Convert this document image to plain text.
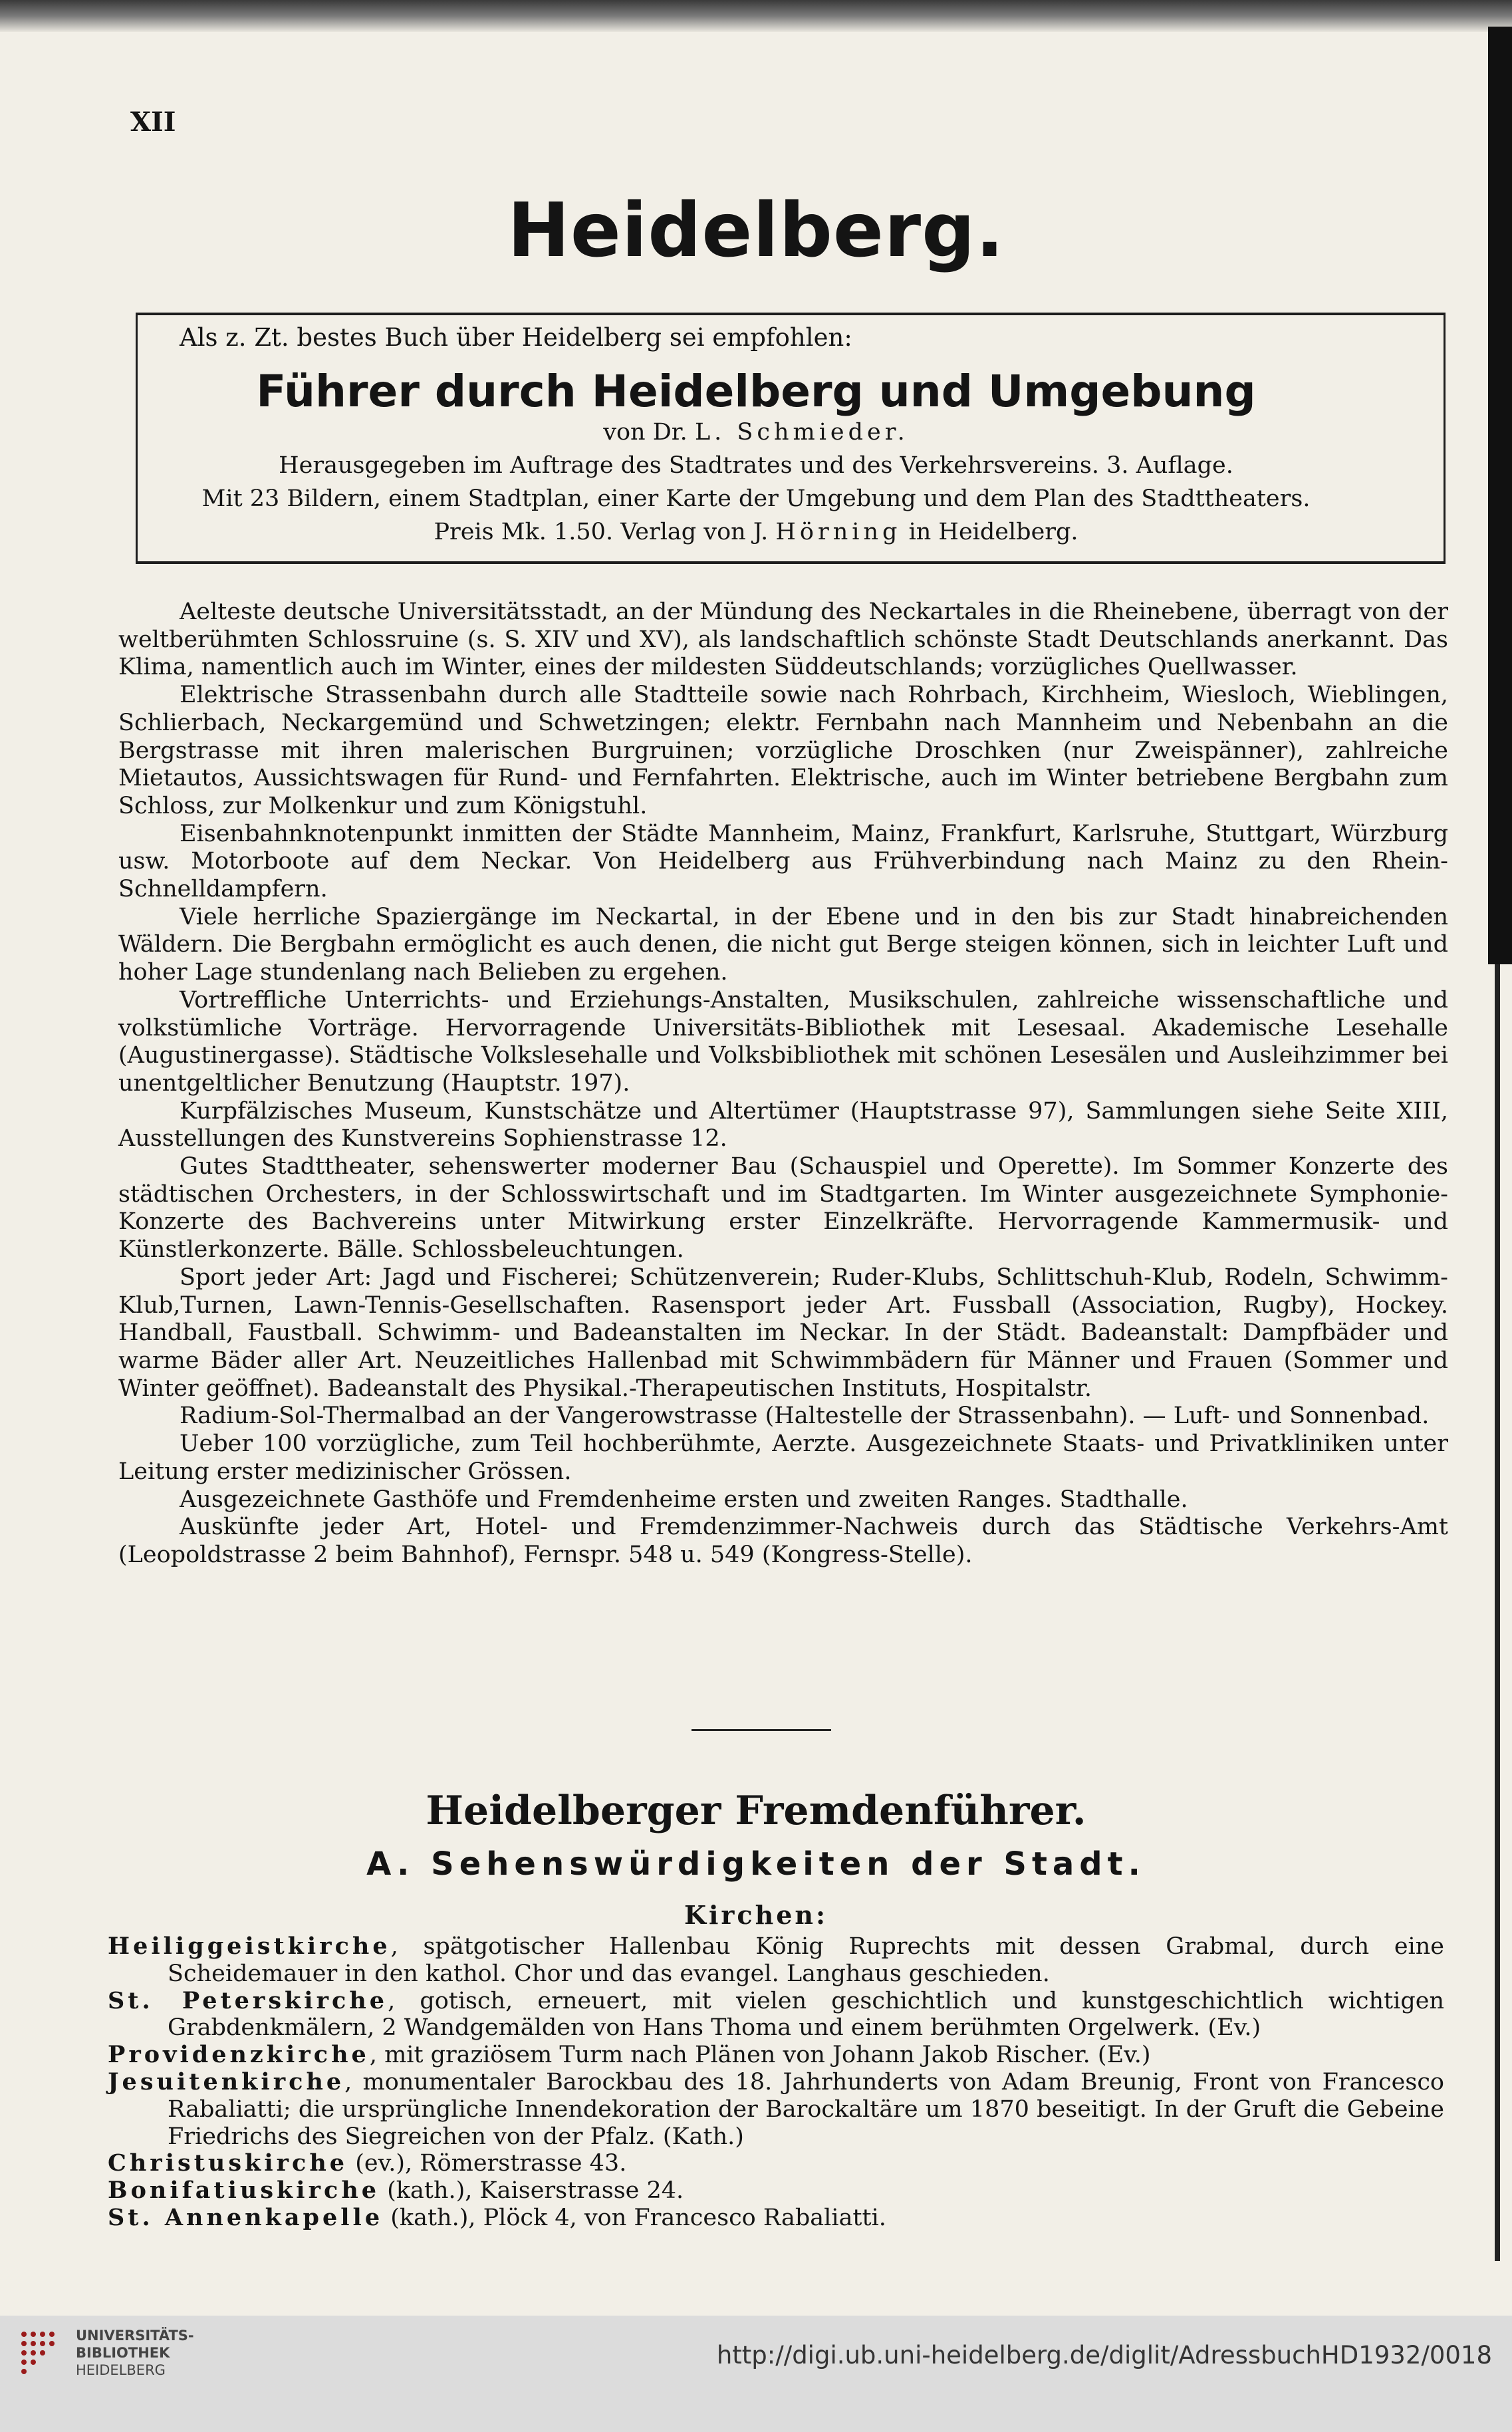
XII
Heidelberg.
Als z. Zt. bestes Buch über Heidelberg sei empfohlen:
Führer durch Heidelberg und Umgebung
von Dr. L. Schmieder.
Herausgegeben im Auftrage des Stadtrates und des Verkehrsvereins. 3. Auflage.
Mit 23 Bildern, einem Stadtplan, einer Karte der Umgebung und dem Plan des Stadttheaters.
Preis Mk. 1.50. Verlag von J. Hörning in Heidelberg.

Aelteste deutsche Universitätsstadt, an der Mündung des Neckartales in die Rheinebene, überragt von der weltberühmten Schlossruine (s. S. XIV und XV), als landschaftlich schönste Stadt Deutschlands anerkannt. Das Klima, namentlich auch im Winter, eines der mildesten Süddeutschlands; vorzügliches Quellwasser.

Elektrische Strassenbahn durch alle Stadtteile sowie nach Rohrbach, Kirchheim, Wiesloch, Wieblingen, Schlierbach, Neckargemünd und Schwetzingen; elektr. Fernbahn nach Mannheim und Nebenbahn an die Bergstrasse mit ihren malerischen Burgruinen; vorzügliche Droschken (nur Zweispänner), zahlreiche Mietautos, Aussichtswagen für Rund- und Fernfahrten. Elektrische, auch im Winter betriebene Bergbahn zum Schloss, zur Molkenkur und zum Königstuhl.

Eisenbahnknotenpunkt inmitten der Städte Mannheim, Mainz, Frankfurt, Karlsruhe, Stuttgart, Würzburg usw. Motorboote auf dem Neckar. Von Heidelberg aus Frühverbindung nach Mainz zu den Rhein-Schnelldampfern.

Viele herrliche Spaziergänge im Neckartal, in der Ebene und in den bis zur Stadt hinabreichenden Wäldern. Die Bergbahn ermöglicht es auch denen, die nicht gut Berge steigen können, sich in leichter Luft und hoher Lage stundenlang nach Belieben zu ergehen.

Vortreffliche Unterrichts- und Erziehungs-Anstalten, Musikschulen, zahlreiche wissenschaftliche und volkstümliche Vorträge. Hervorragende Universitäts-Bibliothek mit Lesesaal. Akademische Lesehalle (Augustinergasse). Städtische Volkslesehalle und Volksbibliothek mit schönen Lesesälen und Ausleihzimmer bei unentgeltlicher Benutzung (Hauptstr. 197).

Kurpfälzisches Museum, Kunstschätze und Altertümer (Hauptstrasse 97), Sammlungen siehe Seite XIII, Ausstellungen des Kunstvereins Sophienstrasse 12.

Gutes Stadttheater, sehenswerter moderner Bau (Schauspiel und Operette). Im Sommer Konzerte des städtischen Orchesters, in der Schlosswirtschaft und im Stadtgarten. Im Winter ausgezeichnete Symphonie-Konzerte des Bachvereins unter Mitwirkung erster Einzelkräfte. Hervorragende Kammermusik- und Künstlerkonzerte. Bälle. Schlossbeleuchtungen.

Sport jeder Art: Jagd und Fischerei; Schützenverein; Ruder-Klubs, Schlittschuh-Klub, Rodeln, Schwimm-Klub,Turnen, Lawn-Tennis-Gesellschaften. Rasensport jeder Art. Fussball (Association, Rugby), Hockey. Handball, Faustball. Schwimm- und Badeanstalten im Neckar. In der Städt. Badeanstalt: Dampfbäder und warme Bäder aller Art. Neuzeitliches Hallenbad mit Schwimmbädern für Männer und Frauen (Sommer und Winter geöffnet). Badeanstalt des Physikal.-Therapeutischen Instituts, Hospitalstr.

Radium-Sol-Thermalbad an der Vangerowstrasse (Haltestelle der Strassenbahn). — Luft- und Sonnenbad.

Ueber 100 vorzügliche, zum Teil hochberühmte, Aerzte. Ausgezeichnete Staats- und Privatkliniken unter Leitung erster medizinischer Grössen.

Ausgezeichnete Gasthöfe und Fremdenheime ersten und zweiten Ranges. Stadthalle.

Auskünfte jeder Art, Hotel- und Fremdenzimmer-Nachweis durch das Städtische Verkehrs-Amt (Leopoldstrasse 2 beim Bahnhof), Fernspr. 548 u. 549 (Kongress-Stelle).

Heidelberger Fremdenführer.
A. Sehenswürdigkeiten der Stadt.
Kirchen:
Heiliggeistkirche, spätgotischer Hallenbau König Ruprechts mit dessen Grabmal, durch eine Scheidemauer in den kathol. Chor und das evangel. Langhaus geschieden.
St. Peterskirche, gotisch, erneuert, mit vielen geschichtlich und kunstgeschichtlich wichtigen Grabdenkmälern, 2 Wandgemälden von Hans Thoma und einem berühmten Orgelwerk. (Ev.)
Providenzkirche, mit graziösem Turm nach Plänen von Johann Jakob Rischer. (Ev.)
Jesuitenkirche, monumentaler Barockbau des 18. Jahrhunderts von Adam Breunig, Front von Francesco Rabaliatti; die ursprüngliche Innendekoration der Barockaltäre um 1870 beseitigt. In der Gruft die Gebeine Friedrichs des Siegreichen von der Pfalz. (Kath.)
Christuskirche (ev.), Römerstrasse 43.
Bonifatiuskirche (kath.), Kaiserstrasse 24.
St. Annenkapelle (kath.), Plöck 4, von Francesco Rabaliatti.
UNIVERSITÄTS-
BIBLIOTHEK
HEIDELBERG
http://digi.ub.uni-heidelberg.de/diglit/AdressbuchHD1932/0018
